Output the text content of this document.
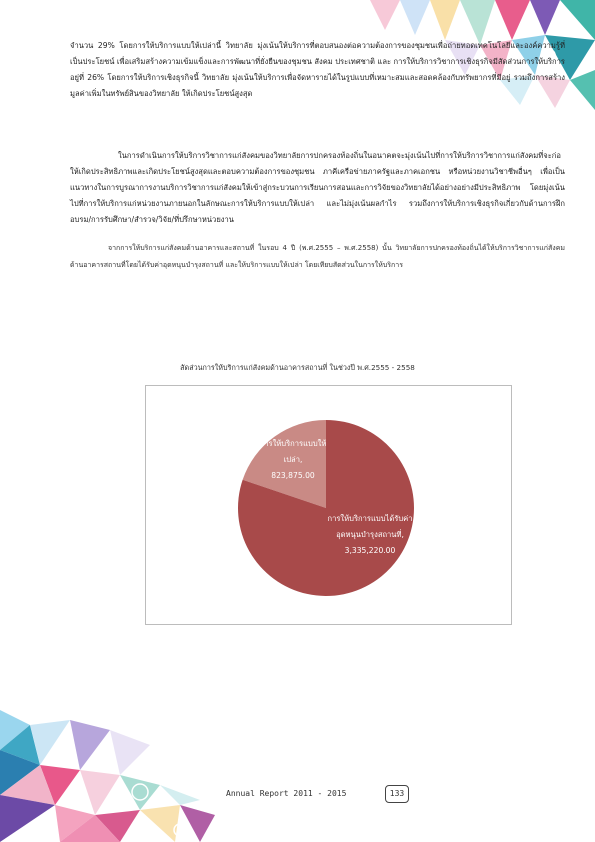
จำนวน 29% โดยการให้บริการแบบให้เปล่านี้ วิทยาลัย มุ่งเน้นให้บริการที่ตอบสนองต่อความต้องการของชุมชนเพื่อถ่ายทอดเทคโนโลยีและองค์ความรู้ที่เป็นประโยชน์ เพื่อเสริมสร้างความเข้มแข็งและการพัฒนาที่ยั่งยืนของชุมชน สังคม ประเทศชาติ และ การให้บริการวิชาการเชิงธุรกิจมีสัดส่วนการให้บริการอยู่ที่ 26% โดยการให้บริการเชิงธุรกิจนี้ วิทยาลัย มุ่งเน้นให้บริการเพื่อจัดหารายได้ในรูปแบบที่เหมาะสมและสอดคล้องกับทรัพยากรที่มีอยู่ รวมถึงการสร้างมูลค่าเพิ่มในทรัพย์สินของวิทยาลัย ให้เกิดประโยชน์สูงสุด

ในการดำเนินการให้บริการวิชาการแก่สังคมของวิทยาลัยการปกครองท้องถิ่นในอนาคตจะมุ่งเน้นไปที่การให้บริการวิชาการแก่สังคมที่จะก่อให้เกิดประสิทธิภาพและเกิดประโยชน์สูงสุดและตอบความต้องการของชุมชน ภาคีเครือข่ายภาครัฐและภาคเอกชน หรือหน่วยงานวิชาชีพอื่นๆ เพื่อเป็นแนวทางในการบูรณาการงานบริการวิชาการแก่สังคมให้เข้าสู่กระบวนการเรียนการสอนและการวิจัยของวิทยาลัยได้อย่างอย่างมีประสิทธิภาพ โดยมุ่งเน้นไปที่การให้บริการแก่หน่วยงานภายนอกในลักษณะการให้บริการแบบให้เปล่า และไม่มุ่งเน้นผลกำไร รวมถึงการให้บริการเชิงธุรกิจเกี่ยวกับด้านการฝึกอบรม/การรับศึกษา/สำรวจ/วิจัย/ที่ปรึกษาหน่วยงาน

จากการให้บริการแก่สังคมด้านอาคารและสถานที่ ในรอบ 4 ปี (พ.ศ.2555 – พ.ศ.2558) นั้น วิทยาลัยการปกครองท้องถิ่นได้ให้บริการวิชาการแก่สังคมด้านอาคารสถานที่โดยได้รับค่าอุดหนุนบำรุงสถานที่ และให้บริการแบบให้เปล่า โดยเทียบสัดส่วนในการให้บริการ

สัดส่วนการให้บริการแก่สังคมด้านอาคารสถานที่ ในช่วงปี พ.ศ.2555 - 2558
การให้บริการแบบให้เปล่า,
823,875.00
การให้บริการแบบได้รับค่าอุดหนุนบำรุงสถานที่,
3,335,220.00
Annual Report 2011 - 2015	133
